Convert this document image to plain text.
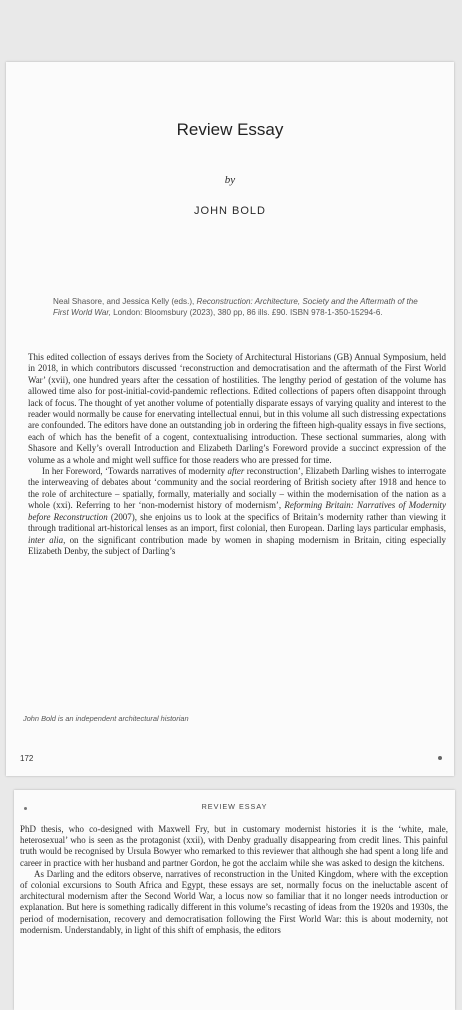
Review Essay
by
JOHN BOLD
Neal Shasore, and Jessica Kelly (eds.), Reconstruction: Architecture, Society and the Aftermath of the First World War, London: Bloomsbury (2023), 380 pp, 86 ills. £90. ISBN 978-1-350-15294-6.

This edited collection of essays derives from the Society of Architectural Historians (GB) Annual Symposium, held in 2018, in which contributors discussed ‘reconstruction and democratisation and the aftermath of the First World War’ (xvii), one hundred years after the cessation of hostilities. The lengthy period of gestation of the volume has allowed time also for post-initial-covid-pandemic reflections. Edited collections of papers often disappoint through lack of focus. The thought of yet another volume of potentially disparate essays of varying quality and interest to the reader would normally be cause for enervating intellectual ennui, but in this volume all such distressing expectations are confounded. The editors have done an outstanding job in ordering the fifteen high-quality essays in five sections, each of which has the benefit of a cogent, contextualising introduction. These sectional summaries, along with Shasore and Kelly’s overall Introduction and Elizabeth Darling’s Foreword provide a succinct expression of the volume as a whole and might well suffice for those readers who are pressed for time.

In her Foreword, ‘Towards narratives of modernity after reconstruction’, Elizabeth Darling wishes to interrogate the interweaving of debates about ‘community and the social reordering of British society after 1918 and hence to the role of architecture – spatially, formally, materially and socially – within the modernisation of the nation as a whole (xxi). Referring to her ‘non-modernist history of modernism’, Reforming Britain: Narratives of Modernity before Reconstruction (2007), she enjoins us to look at the specifics of Britain’s modernity rather than viewing it through traditional art-historical lenses as an import, first colonial, then European. Darling lays particular emphasis, inter alia, on the significant contribution made by women in shaping modernism in Britain, citing especially Elizabeth Denby, the subject of Darling’s

John Bold is an independent architectural historian
172
REVIEW ESSAY

PhD thesis, who co-designed with Maxwell Fry, but in customary modernist histories it is the ‘white, male, heterosexual’ who is seen as the protagonist (xxii), with Denby gradually disappearing from credit lines. This painful truth would be recognised by Ursula Bowyer who remarked to this reviewer that although she had spent a long life and career in practice with her husband and partner Gordon, he got the acclaim while she was asked to design the kitchens.

As Darling and the editors observe, narratives of reconstruction in the United Kingdom, where with the exception of colonial excursions to South Africa and Egypt, these essays are set, normally focus on the ineluctable ascent of architectural modernism after the Second World War, a locus now so familiar that it no longer needs introduction or explanation. But here is something radically different in this volume’s recasting of ideas from the 1920s and 1930s, the period of modernisation, recovery and democratisation following the First World War: this is about modernity, not modernism. Understandably, in light of this shift of emphasis, the editors
